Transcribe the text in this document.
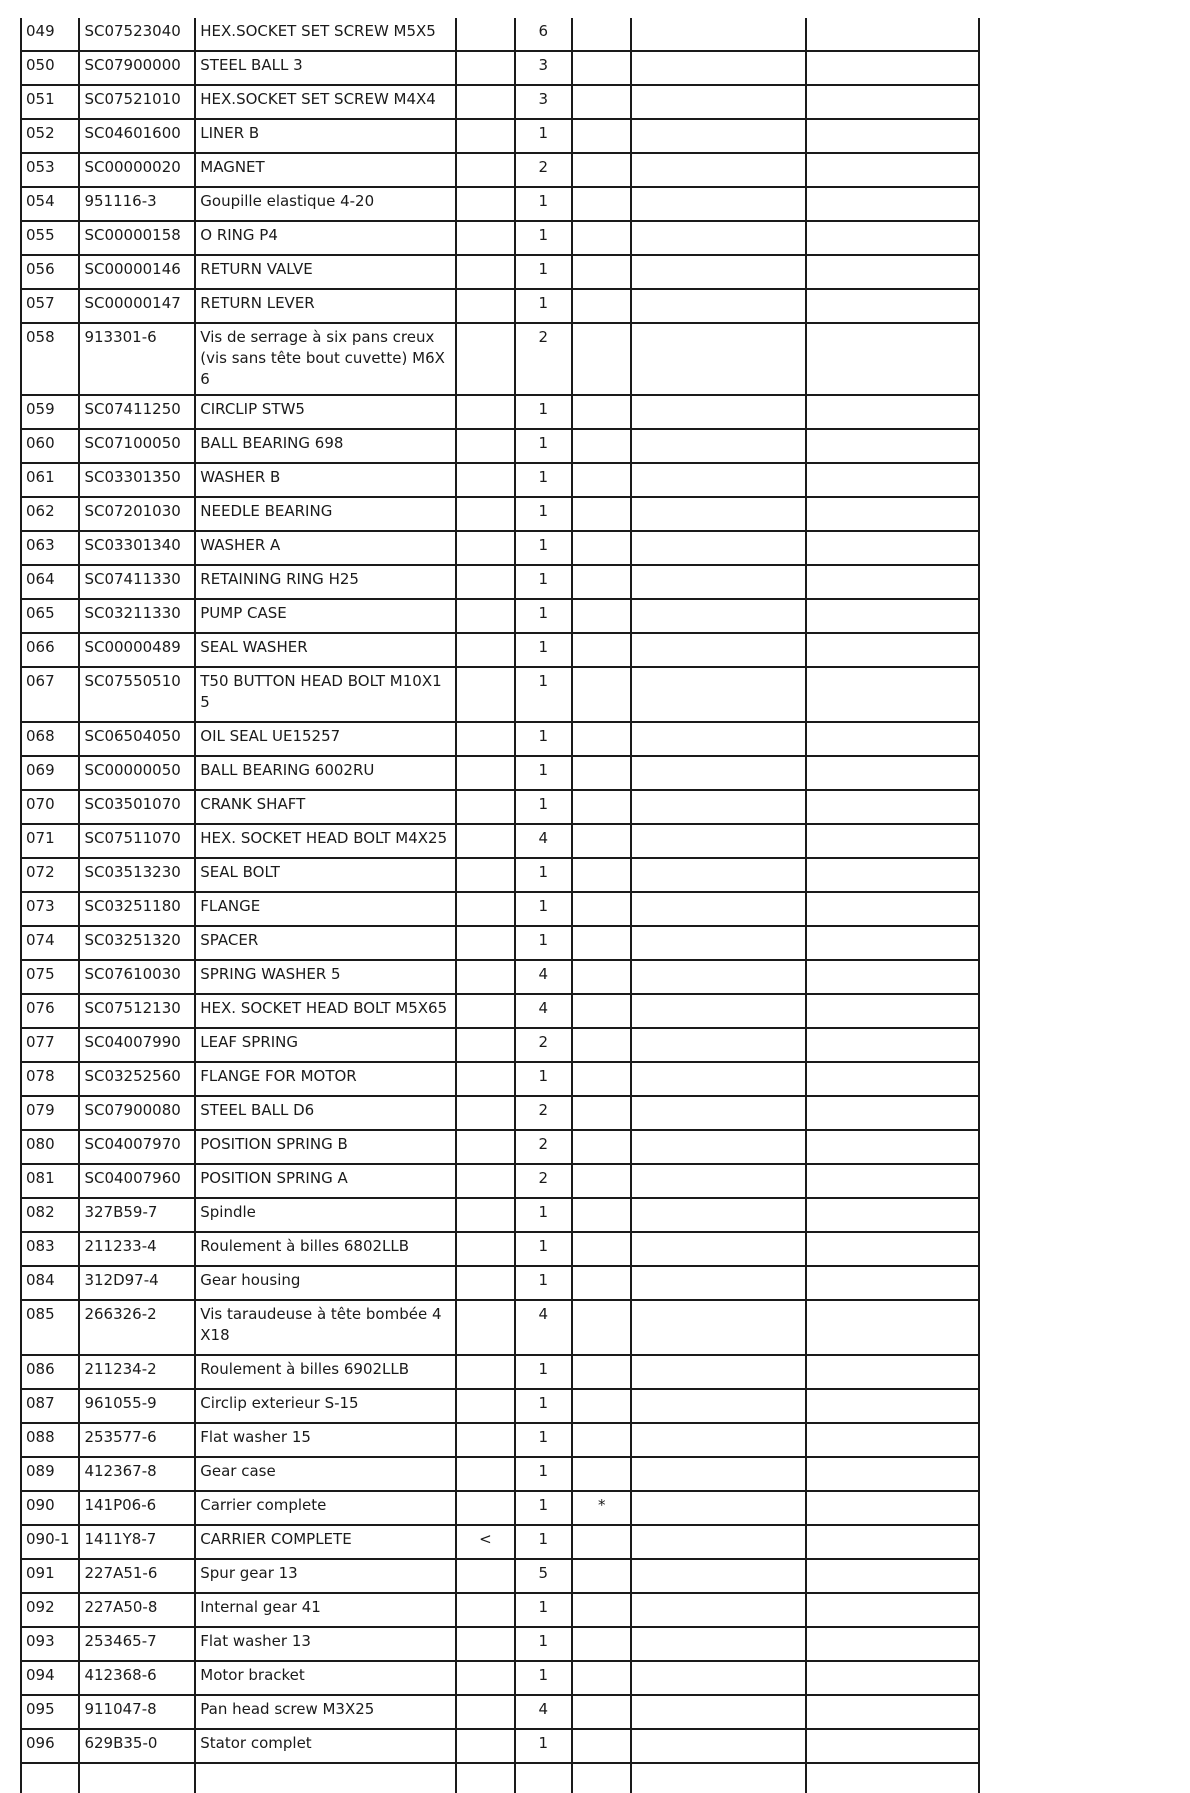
049	SC07523040	HEX.SOCKET SET SCREW M5X5		6			
050	SC07900000	STEEL BALL 3		3			
051	SC07521010	HEX.SOCKET SET SCREW M4X4		3			
052	SC04601600	LINER B		1			
053	SC00000020	MAGNET		2			
054	951116-3	Goupille elastique 4-20		1			
055	SC00000158	O RING P4		1			
056	SC00000146	RETURN VALVE		1			
057	SC00000147	RETURN LEVER		1			
058	913301-6	Vis de serrage à six pans creux (vis sans tête bout cuvette) M6X6		2			
059	SC07411250	CIRCLIP STW5		1			
060	SC07100050	BALL BEARING 698		1			
061	SC03301350	WASHER B		1			
062	SC07201030	NEEDLE BEARING		1			
063	SC03301340	WASHER A		1			
064	SC07411330	RETAINING RING H25		1			
065	SC03211330	PUMP CASE		1			
066	SC00000489	SEAL WASHER		1			
067	SC07550510	T50 BUTTON HEAD BOLT M10X15		1			
068	SC06504050	OIL SEAL UE15257		1			
069	SC00000050	BALL BEARING 6002RU		1			
070	SC03501070	CRANK SHAFT		1			
071	SC07511070	HEX. SOCKET HEAD BOLT M4X25		4			
072	SC03513230	SEAL BOLT		1			
073	SC03251180	FLANGE		1			
074	SC03251320	SPACER		1			
075	SC07610030	SPRING WASHER 5		4			
076	SC07512130	HEX. SOCKET HEAD BOLT M5X65		4			
077	SC04007990	LEAF SPRING		2			
078	SC03252560	FLANGE FOR MOTOR		1			
079	SC07900080	STEEL BALL D6		2			
080	SC04007970	POSITION SPRING B		2			
081	SC04007960	POSITION SPRING A		2			
082	327B59-7	Spindle		1			
083	211233-4	Roulement à billes 6802LLB		1			
084	312D97-4	Gear housing		1			
085	266326-2	Vis taraudeuse à tête bombée 4X18		4			
086	211234-2	Roulement à billes 6902LLB		1			
087	961055-9	Circlip exterieur S-15		1			
088	253577-6	Flat washer 15		1			
089	412367-8	Gear case		1			
090	141P06-6	Carrier complete		1	*		
090-1	1411Y8-7	CARRIER COMPLETE	<	1			
091	227A51-6	Spur gear 13		5			
092	227A50-8	Internal gear 41		1			
093	253465-7	Flat washer 13		1			
094	412368-6	Motor bracket		1			
095	911047-8	Pan head screw M3X25		4			
096	629B35-0	Stator complet		1			
